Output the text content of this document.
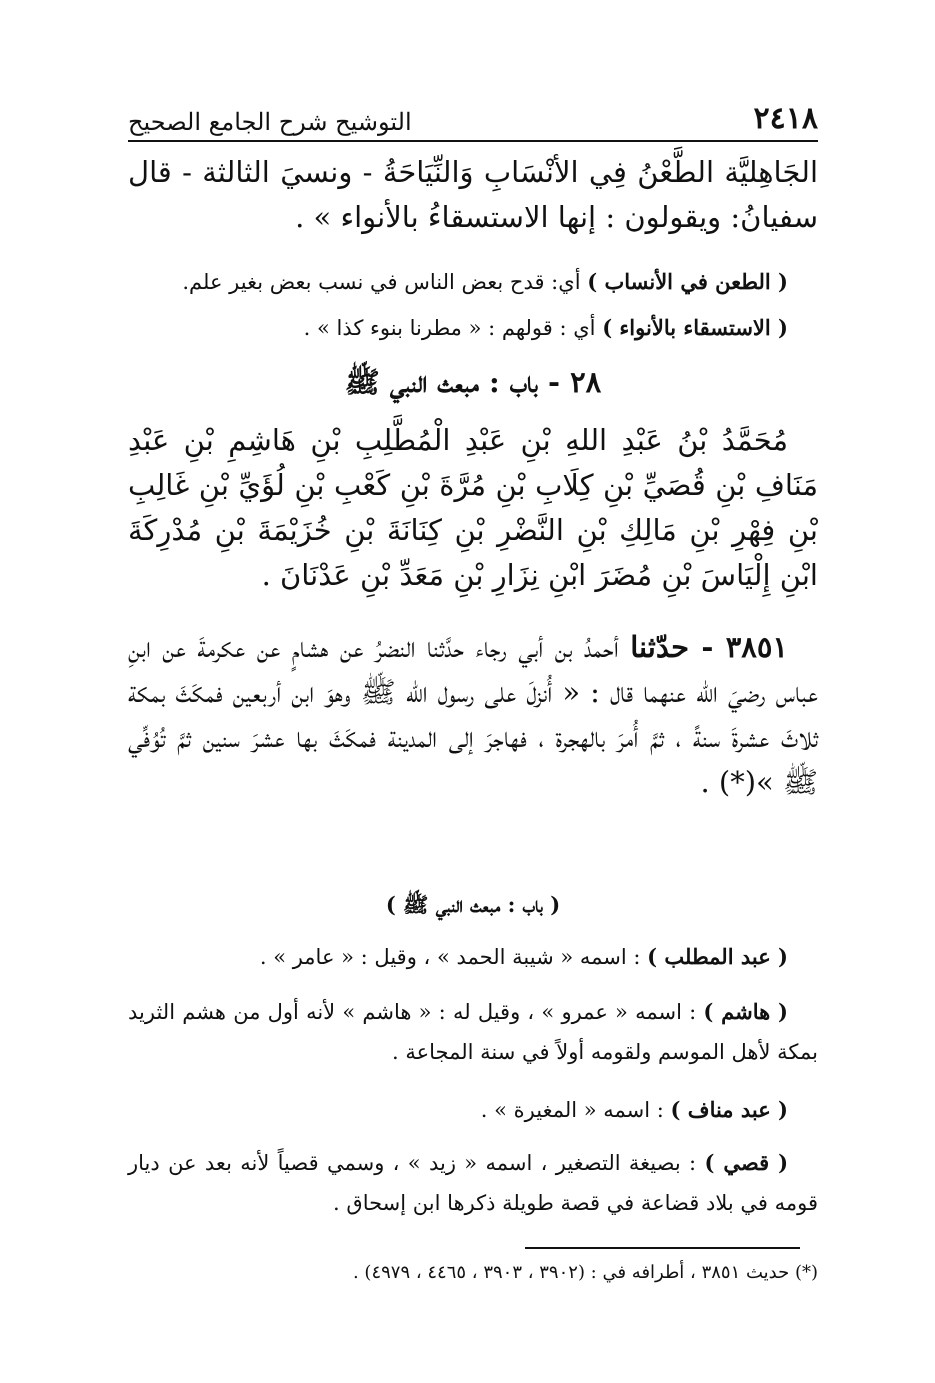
٢٤١٨
التوشيح شرح الجامع الصحيح
الجَاهِليَّة الطَّعْنُ فِي الأنْسَابِ وَالنِّيَاحَةُ - ونسيَ الثالثة - قال سفيانُ: ويقولون : إنها الاستسقاءُ بالأنواء » .
( الطعن في الأنساب ) أي: قدح بعض الناس في نسب بعض بغير علم.
( الاستسقاء بالأنواء ) أي : قولهم : « مطرنا بنوء كذا » .
٢٨ - باب : مبعث النبي ﷺ
مُحَمَّدُ بْنُ عَبْدِ اللهِ بْنِ عَبْدِ الْمُطَّلِبِ بْنِ هَاشِمِ بْنِ عَبْدِ مَنَافِ بْنِ قُصَيِّ بْنِ كِلَابِ بْنِ مُرَّةَ بْنِ كَعْبِ بْنِ لُؤَيِّ بْنِ غَالِبِ بْنِ فِهْرِ بْنِ مَالِكِ بْنِ النَّضْرِ بْنِ كِنَانَةَ بْنِ خُزَيْمَةَ بْنِ مُدْرِكَةَ ابْنِ إِلْيَاسَ بْنِ مُضَرَ ابْنِ نِزَارِ بْنِ مَعَدِّ بْنِ عَدْنَانَ .
٣٨٥١ - حدّثنا أحمدُ بن أبي رجاء حدَّثنا النضرُ عن هشامٍ عن عكرمةَ عن ابنِ عباس رضيَ الله عنهما قال : « أُنزلَ على رسول الله ﷺ وهوَ ابن أربعين فمكَثَ بمكة ثلاثَ عشرةَ سنةً ، ثمَّ أُمرَ بالهجرة ، فهاجرَ إلى المدينة فمكَثَ بها عشرَ سنين ثمَّ تُوُفِّي ﷺ »(*) .
( باب : مبعث النبي ﷺ )
( عبد المطلب ) : اسمه « شيبة الحمد » ، وقيل : « عامر » .
( هاشم ) : اسمه « عمرو » ، وقيل له : « هاشم » لأنه أول من هشم الثريد بمكة لأهل الموسم ولقومه أولاً في سنة المجاعة .
( عبد مناف ) : اسمه « المغيرة » .
( قصي ) : بصيغة التصغير ، اسمه « زيد » ، وسمي قصياً لأنه بعد عن ديار قومه في بلاد قضاعة في قصة طويلة ذكرها ابن إسحاق .
(*) حديث ٣٨٥١ ، أطرافه في : (٣٩٠٢ ، ٣٩٠٣ ، ٤٤٦٥ ، ٤٩٧٩) .
